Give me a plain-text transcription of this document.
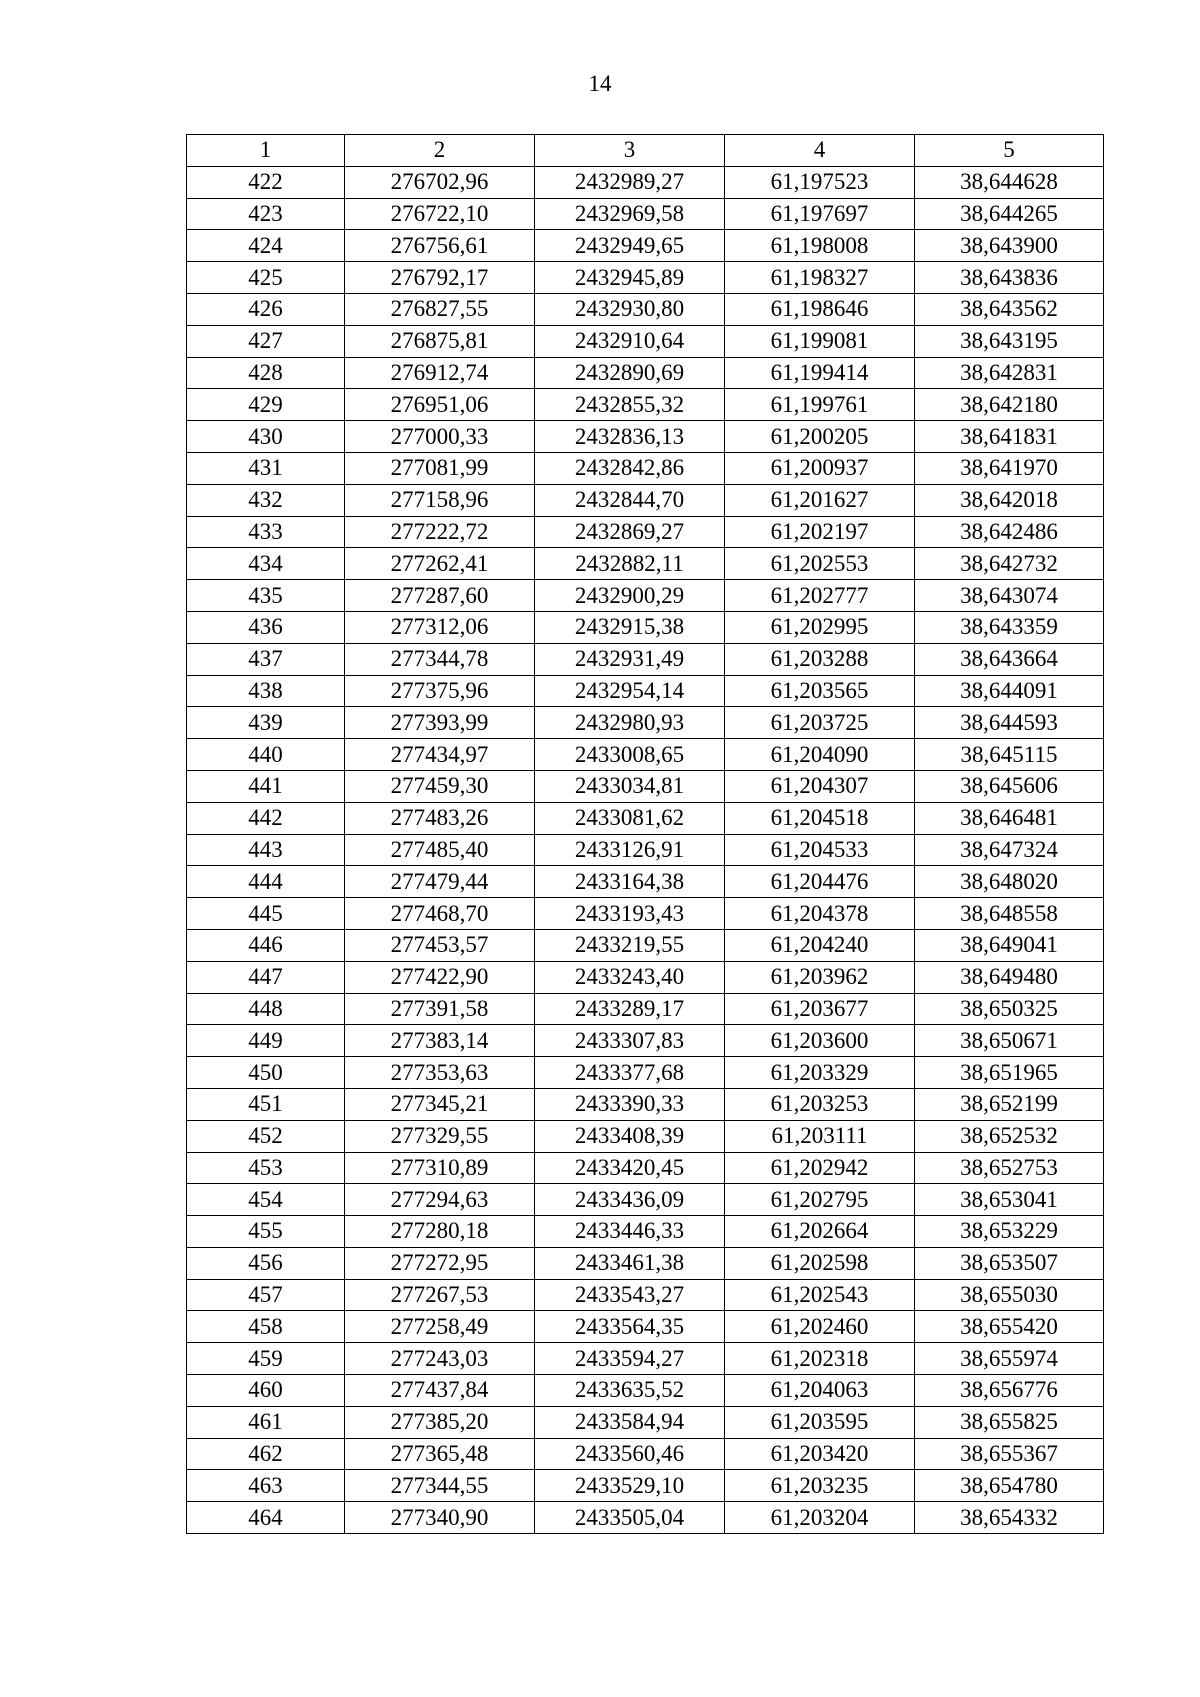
14
1	2	3	4	5
422	276702,96	2432989,27	61,197523	38,644628
423	276722,10	2432969,58	61,197697	38,644265
424	276756,61	2432949,65	61,198008	38,643900
425	276792,17	2432945,89	61,198327	38,643836
426	276827,55	2432930,80	61,198646	38,643562
427	276875,81	2432910,64	61,199081	38,643195
428	276912,74	2432890,69	61,199414	38,642831
429	276951,06	2432855,32	61,199761	38,642180
430	277000,33	2432836,13	61,200205	38,641831
431	277081,99	2432842,86	61,200937	38,641970
432	277158,96	2432844,70	61,201627	38,642018
433	277222,72	2432869,27	61,202197	38,642486
434	277262,41	2432882,11	61,202553	38,642732
435	277287,60	2432900,29	61,202777	38,643074
436	277312,06	2432915,38	61,202995	38,643359
437	277344,78	2432931,49	61,203288	38,643664
438	277375,96	2432954,14	61,203565	38,644091
439	277393,99	2432980,93	61,203725	38,644593
440	277434,97	2433008,65	61,204090	38,645115
441	277459,30	2433034,81	61,204307	38,645606
442	277483,26	2433081,62	61,204518	38,646481
443	277485,40	2433126,91	61,204533	38,647324
444	277479,44	2433164,38	61,204476	38,648020
445	277468,70	2433193,43	61,204378	38,648558
446	277453,57	2433219,55	61,204240	38,649041
447	277422,90	2433243,40	61,203962	38,649480
448	277391,58	2433289,17	61,203677	38,650325
449	277383,14	2433307,83	61,203600	38,650671
450	277353,63	2433377,68	61,203329	38,651965
451	277345,21	2433390,33	61,203253	38,652199
452	277329,55	2433408,39	61,203111	38,652532
453	277310,89	2433420,45	61,202942	38,652753
454	277294,63	2433436,09	61,202795	38,653041
455	277280,18	2433446,33	61,202664	38,653229
456	277272,95	2433461,38	61,202598	38,653507
457	277267,53	2433543,27	61,202543	38,655030
458	277258,49	2433564,35	61,202460	38,655420
459	277243,03	2433594,27	61,202318	38,655974
460	277437,84	2433635,52	61,204063	38,656776
461	277385,20	2433584,94	61,203595	38,655825
462	277365,48	2433560,46	61,203420	38,655367
463	277344,55	2433529,10	61,203235	38,654780
464	277340,90	2433505,04	61,203204	38,654332
